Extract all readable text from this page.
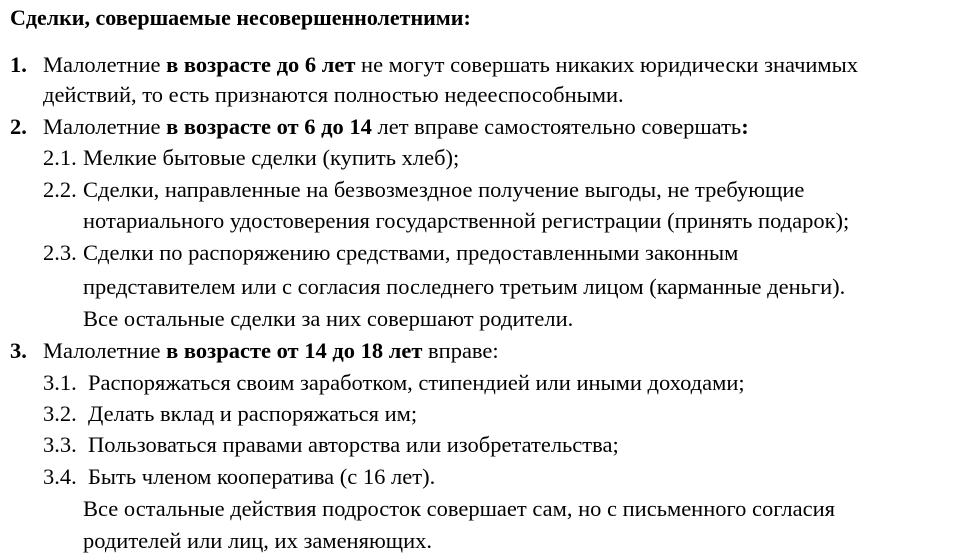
Сделки, совершаемые несовершеннолетними:
1. Малолетние в возрасте до 6 лет не могут совершать никаких юридически значимых
действий, то есть признаются полностью недееспособными.
2. Малолетние в возрасте от 6 до 14 лет вправе самостоятельно совершать:
2.1. Мелкие бытовые сделки (купить хлеб);
2.2. Сделки, направленные на безвозмездное получение выгоды, не требующие
нотариального удостоверения государственной регистрации (принять подарок);
2.3. Сделки по распоряжению средствами, предоставленными законным
представителем или с согласия последнего третьим лицом (карманные деньги).
Все остальные сделки за них совершают родители.
3. Малолетние в возрасте от 14 до 18 лет вправе:
3.1. Распоряжаться своим заработком, стипендией или иными доходами;
3.2. Делать вклад и распоряжаться им;
3.3. Пользоваться правами авторства или изобретательства;
3.4. Быть членом кооператива (с 16 лет).
Все остальные действия подросток совершает сам, но с письменного согласия
родителей или лиц, их заменяющих.
